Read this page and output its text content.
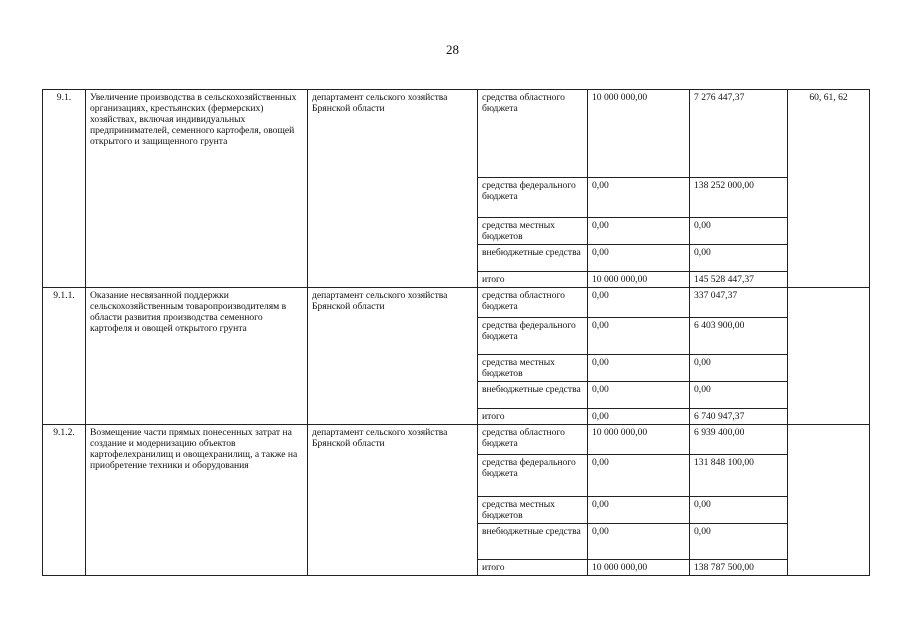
28
9.1.	Увеличение производства в сельскохозяйственных организациях, крестьянских (фермерских) хозяйствах, включая индивидуальных предпринимателей, семенного картофеля, овощей открытого и защищенного грунта	департамент сельского хозяйства Брянской области	средства областного бюджета	10 000 000,00	7 276 447,37	60, 61, 62
			средства федерального бюджета	0,00	138 252 000,00	
			средства местных бюджетов	0,00	0,00	
			внебюджетные средства	0,00	0,00	
			итого	10 000 000,00	145 528 447,37	
9.1.1.	Оказание несвязанной поддержки сельскохозяйственным товаропроизводителям в области развития производства семенного картофеля и овощей открытого грунта	департамент сельского хозяйства Брянской области	средства областного бюджета	0,00	337 047,37	
			средства федерального бюджета	0,00	6 403 900,00	
			средства местных бюджетов	0,00	0,00	
			внебюджетные средства	0,00	0,00	
			итого	0,00	6 740 947,37	
9.1.2.	Возмещение части прямых понесенных затрат на создание и модернизацию объектов картофелехранилищ и овощехранилищ, а также на приобретение техники и оборудования	департамент сельского хозяйства Брянской области	средства областного бюджета	10 000 000,00	6 939 400,00	
			средства федерального бюджета	0,00	131 848 100,00	
			средства местных бюджетов	0,00	0,00	
			внебюджетные средства	0,00	0,00	
			итого	10 000 000,00	138 787 500,00	
